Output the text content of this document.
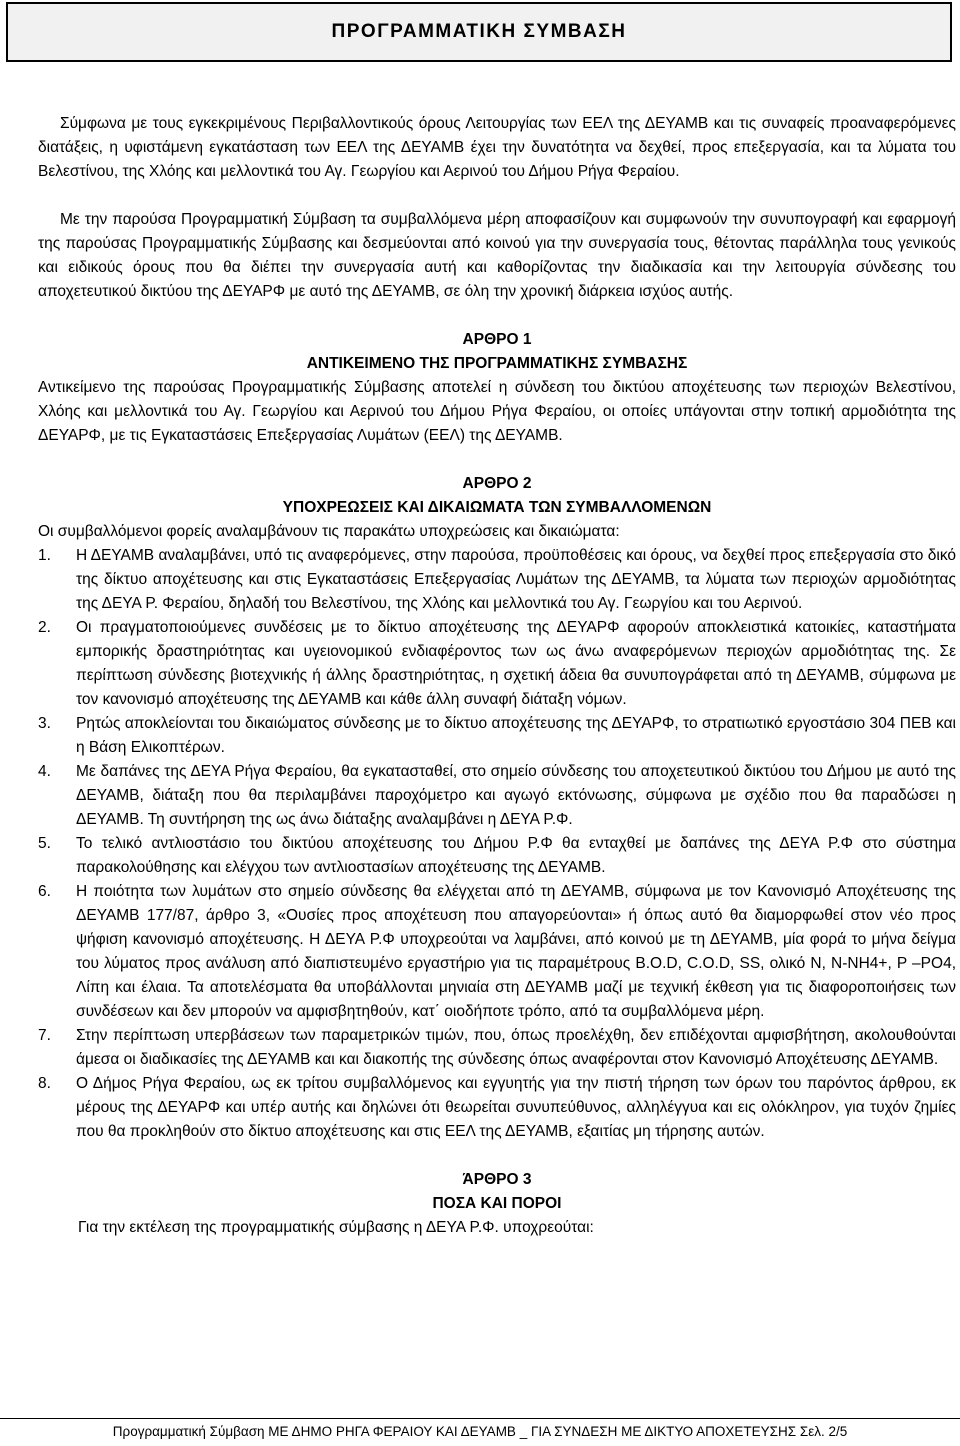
ΠΡΟΓΡΑΜΜΑΤΙΚΗ ΣΥΜΒΑΣΗ

Σύμφωνα με τους εγκεκριμένους Περιβαλλοντικούς όρους Λειτουργίας των ΕΕΛ της ΔΕΥΑΜΒ και τις συναφείς προαναφερόμενες διατάξεις, η υφιστάμενη εγκατάσταση των ΕΕΛ της ΔΕΥΑΜΒ έχει την δυνατότητα να δεχθεί, προς επεξεργασία, και τα λύματα του Βελεστίνου, της Χλόης και μελλοντικά του Αγ. Γεωργίου και Αερινού του Δήμου Ρήγα Φεραίου.

Με την παρούσα Προγραμματική Σύμβαση τα συμβαλλόμενα μέρη αποφασίζουν και συμφωνούν την συνυπογραφή και εφαρμογή της παρούσας Προγραμματικής Σύμβασης και δεσμεύονται από κοινού για την συνεργασία τους, θέτοντας παράλληλα τους γενικούς και ειδικούς όρους που θα διέπει την συνεργασία αυτή και καθορίζοντας την διαδικασία και την λειτουργία σύνδεσης του αποχετευτικού δικτύου της ΔΕΥΑΡΦ με αυτό της ΔΕΥΑΜΒ, σε όλη την χρονική διάρκεια ισχύος αυτής.

ΑΡΘΡΟ 1

ΑΝΤΙΚΕΙΜΕΝΟ ΤΗΣ ΠΡΟΓΡΑΜΜΑΤΙΚΗΣ ΣΥΜΒΑΣΗΣ

Αντικείμενο της παρούσας Προγραμματικής Σύμβασης αποτελεί η σύνδεση του δικτύου αποχέτευσης των περιοχών Βελεστίνου, Χλόης και μελλοντικά του Αγ. Γεωργίου και Αερινού του Δήμου Ρήγα Φεραίου, οι οποίες υπάγονται στην τοπική αρμοδιότητα της ΔΕΥΑΡΦ, με τις Εγκαταστάσεις Επεξεργασίας Λυμάτων (ΕΕΛ) της ΔΕΥΑΜΒ.

ΑΡΘΡΟ 2

ΥΠΟΧΡΕΩΣΕΙΣ ΚΑΙ ΔΙΚΑΙΩΜΑΤΑ ΤΩΝ ΣΥΜΒΑΛΛΟΜΕΝΩΝ

Οι συμβαλλόμενοι φορείς αναλαμβάνουν τις παρακάτω υποχρεώσεις και δικαιώματα:

1.	Η ΔΕΥΑΜΒ αναλαμβάνει, υπό τις αναφερόμενες, στην παρούσα, προϋποθέσεις και όρους, να δεχθεί προς επεξεργασία στο δικό της δίκτυο αποχέτευσης και στις Εγκαταστάσεις Επεξεργασίας Λυμάτων της ΔΕΥΑΜΒ, τα λύματα των περιοχών αρμοδιότητας της ΔΕΥΑ Ρ. Φεραίου, δηλαδή του Βελεστίνου, της Χλόης και μελλοντικά του Αγ. Γεωργίου και του Αερινού.
2.	Οι πραγματοποιούμενες συνδέσεις με το δίκτυο αποχέτευσης της ΔΕΥΑΡΦ αφορούν αποκλειστικά κατοικίες, καταστήματα εμπορικής δραστηριότητας και υγειονομικού ενδιαφέροντος των ως άνω αναφερόμενων περιοχών αρμοδιότητας της. Σε περίπτωση σύνδεσης βιοτεχνικής ή άλλης δραστηριότητας, η σχετική άδεια θα συνυπογράφεται από τη ΔΕΥΑΜΒ, σύμφωνα με τον κανονισμό αποχέτευσης της ΔΕΥΑΜΒ και κάθε άλλη συναφή διάταξη νόμων.
3.	Ρητώς αποκλείονται του δικαιώματος σύνδεσης με το δίκτυο αποχέτευσης της ΔΕΥΑΡΦ, το στρατιωτικό εργοστάσιο 304 ΠΕΒ και η Βάση Ελικοπτέρων.
4.	Με δαπάνες της ΔΕΥΑ Ρήγα Φεραίου, θα εγκατασταθεί, στο σημείο σύνδεσης του αποχετευτικού δικτύου του Δήμου με αυτό της ΔΕΥΑΜΒ, διάταξη που θα περιλαμβάνει παροχόμετρο και αγωγό εκτόνωσης, σύμφωνα με σχέδιο που θα παραδώσει η ΔΕΥΑΜΒ. Τη συντήρηση της ως άνω διάταξης αναλαμβάνει η ΔΕΥΑ Ρ.Φ.
5.	Το τελικό αντλιοστάσιο του δικτύου αποχέτευσης του Δήμου Ρ.Φ θα ενταχθεί με δαπάνες της ΔΕΥΑ Ρ.Φ στο σύστημα παρακολούθησης και ελέγχου των αντλιοστασίων αποχέτευσης της ΔΕΥΑΜΒ.
6.	Η ποιότητα των λυμάτων στο σημείο σύνδεσης θα ελέγχεται από τη ΔΕΥΑΜΒ, σύμφωνα με τον Κανονισμό Αποχέτευσης της ΔΕΥΑΜΒ 177/87, άρθρο 3, «Ουσίες προς αποχέτευση που απαγορεύονται» ή όπως αυτό θα διαμορφωθεί στον νέο προς ψήφιση κανονισμό αποχέτευσης. Η ΔΕΥΑ Ρ.Φ υποχρεούται να λαμβάνει, από κοινού με τη ΔΕΥΑΜΒ, μία φορά το μήνα δείγμα του λύματος προς ανάλυση από διαπιστευμένο εργαστήριο για τις παραμέτρους B.O.D, C.O.D, SS, ολικό Ν, N-NH4+, P –PO4, Λίπη και έλαια. Τα αποτελέσματα θα υποβάλλονται μηνιαία στη ΔΕΥΑΜΒ μαζί με τεχνική έκθεση για τις διαφοροποιήσεις των συνδέσεων και δεν μπορούν να αμφισβητηθούν, κατ΄ οιοδήποτε τρόπο, από τα συμβαλλόμενα μέρη.
7.	Στην περίπτωση υπερβάσεων των παραμετρικών τιμών, που, όπως προελέχθη, δεν επιδέχονται αμφισβήτηση, ακολουθούνται άμεσα οι διαδικασίες της ΔΕΥΑΜΒ και και διακοπής της σύνδεσης όπως αναφέρονται στον Κανονισμό Αποχέτευσης ΔΕΥΑΜΒ.
8.	Ο Δήμος Ρήγα Φεραίου, ως εκ τρίτου συμβαλλόμενος και εγγυητής για την πιστή τήρηση των όρων του παρόντος άρθρου, εκ μέρους της ΔΕΥΑΡΦ και υπέρ αυτής και δηλώνει ότι θεωρείται συνυπεύθυνος, αλληλέγγυα και εις ολόκληρον, για τυχόν ζημίες που θα προκληθούν στο δίκτυο αποχέτευσης και στις ΕΕΛ της ΔΕΥΑΜΒ, εξαιτίας μη τήρησης αυτών.

ΆΡΘΡΟ 3

ΠΟΣΑ ΚΑΙ ΠΟΡΟΙ

Για την εκτέλεση της προγραμματικής σύμβασης η ΔΕΥΑ Ρ.Φ. υποχρεούται:

Προγραμματική Σύμβαση ΜΕ ΔΗΜΟ ΡΗΓΑ ΦΕΡΑΙΟΥ ΚΑΙ ΔΕΥΑΜΒ _ ΓΙΑ ΣΥΝΔΕΣΗ ΜΕ ΔΙΚΤΥΟ ΑΠΟΧΕΤΕΥΣΗΣ Σελ. 2/5
